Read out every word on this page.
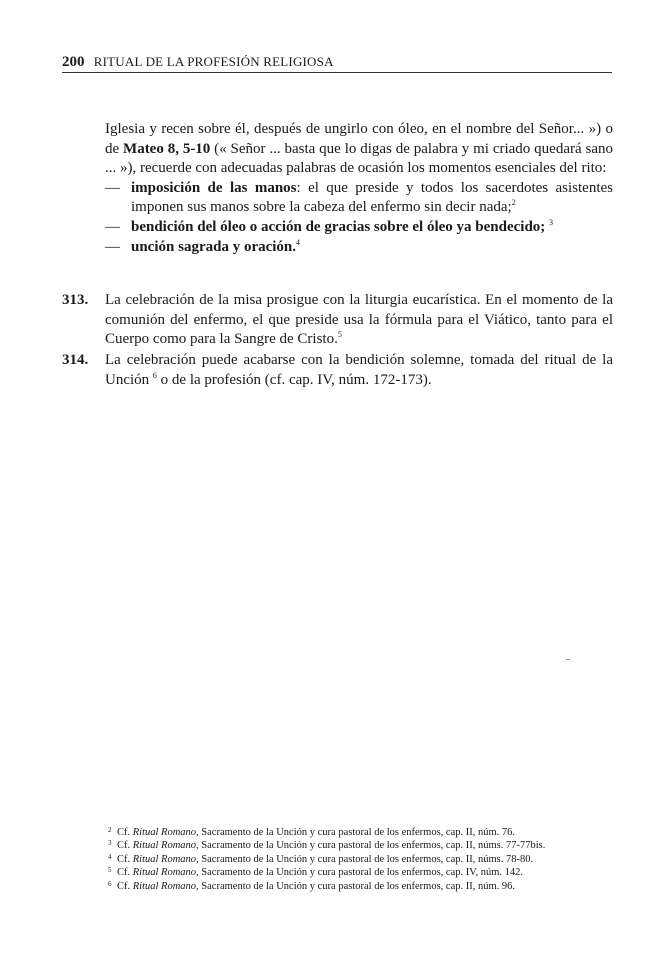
200 RITUAL DE LA PROFESIÓN RELIGIOSA

Iglesia y recen sobre él, después de ungirlo con óleo, en el nombre del Señor... ») o de Mateo 8, 5-10 (« Señor ... basta que lo digas de palabra y mi criado quedará sano ... »), recuerde con adecuadas palabras de ocasión los momentos esenciales del rito:

— imposición de las manos: el que preside y todos los sacerdotes asistentes imponen sus manos sobre la cabeza del enfermo sin decir nada;$^2$
— bendición del óleo o acción de gracias sobre el óleo ya bendecido; $^3$
— unción sagrada y oración.$^4$
313. La celebración de la misa prosigue con la liturgia eucarística. En el momento de la comunión del enfermo, el que preside usa la fórmula para el Viático, tanto para el Cuerpo como para la Sangre de Cristo.$^5$
314. La celebración puede acabarse con la bendición solemne, tomada del ritual de la Unción $^6$ o de la profesión (cf. cap. IV, núm. 172-173).
2 Cf. Ritual Romano, Sacramento de la Unción y cura pastoral de los enfermos, cap. II, núm. 76.
3 Cf. Ritual Romano, Sacramento de la Unción y cura pastoral de los enfermos, cap. II, núms. 77-77bis.
4 Cf. Ritual Romano, Sacramento de la Unción y cura pastoral de los enfermos, cap. II, núms. 78-80.
5 Cf. Ritual Romano, Sacramento de la Unción y cura pastoral de los enfermos, cap. IV, núm. 142.
6 Cf. Ritual Romano, Sacramento de la Unción y cura pastoral de los enfermos, cap. II, núm. 96.
